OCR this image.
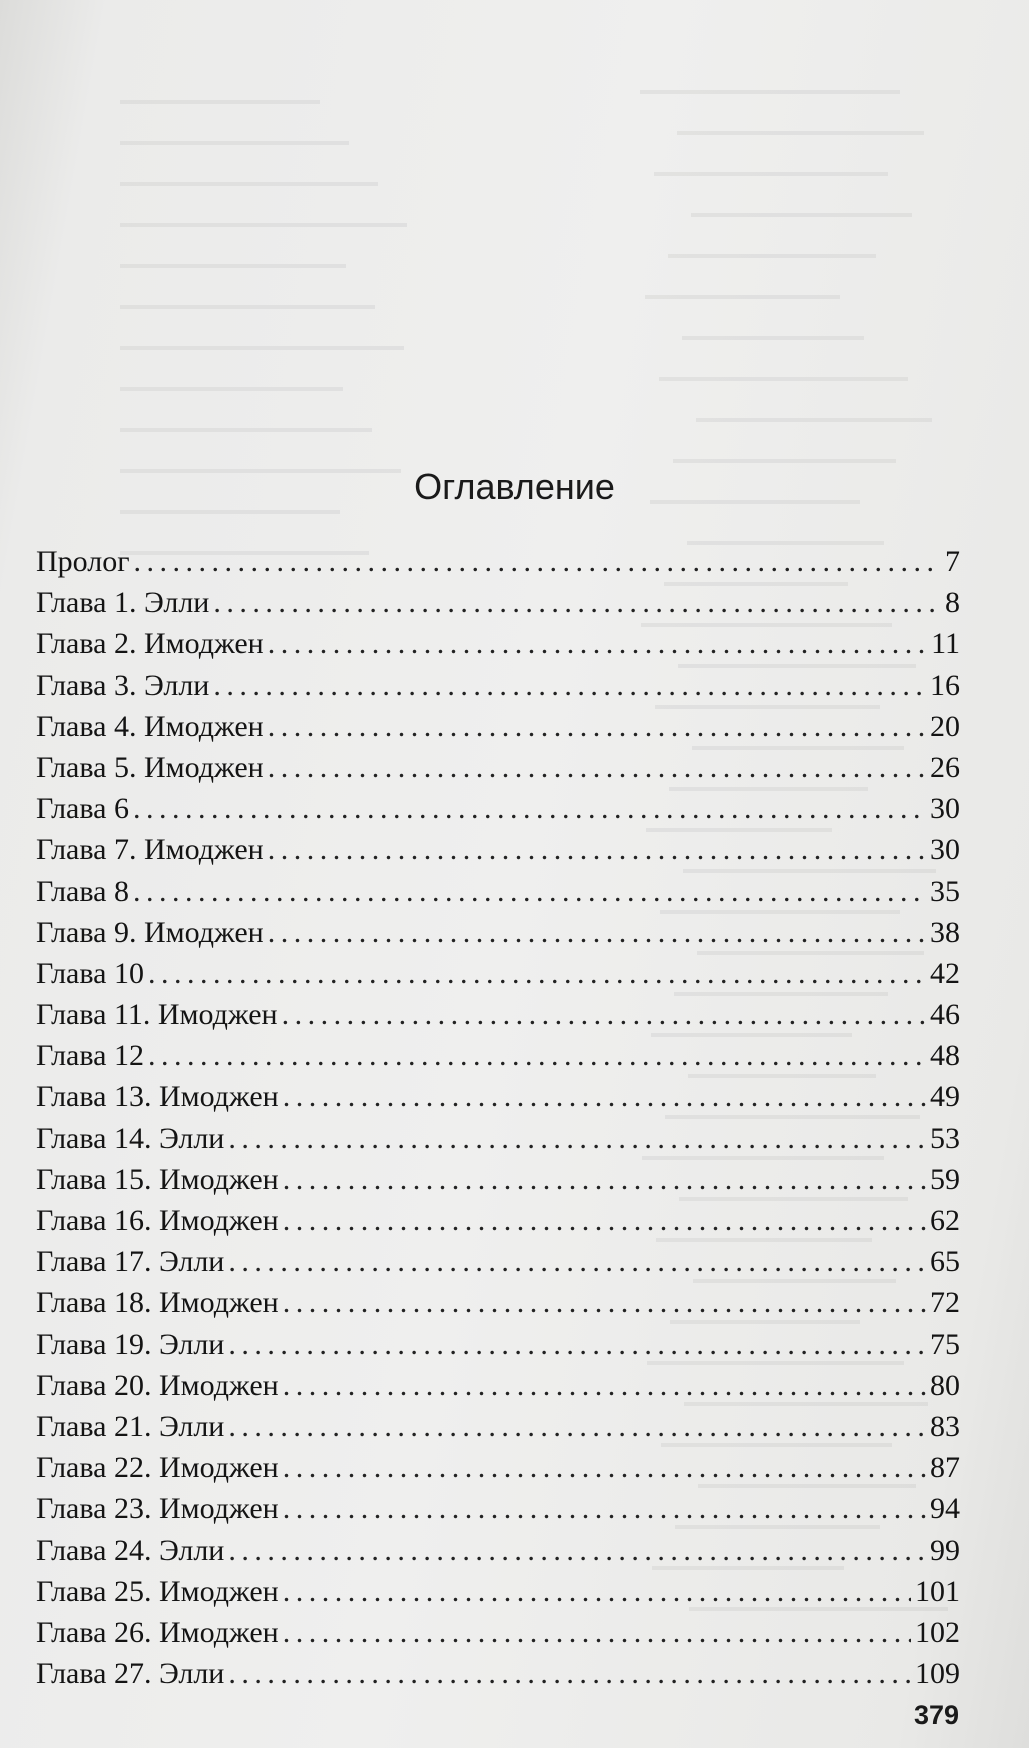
Оглавление
Пролог . . .	7
Глава 1. Элли . . .	8
Глава 2. Имоджен . . .	11
Глава 3. Элли . . .	16
Глава 4. Имоджен . . .	20
Глава 5. Имоджен . . .	26
Глава 6 . . .	30
Глава 7. Имоджен . . .	30
Глава 8 . . .	35
Глава 9. Имоджен . . .	38
Глава 10 . . .	42
Глава 11. Имоджен . . .	46
Глава 12 . . .	48
Глава 13. Имоджен . . .	49
Глава 14. Элли . . .	53
Глава 15. Имоджен . . .	59
Глава 16. Имоджен . . .	62
Глава 17. Элли . . .	65
Глава 18. Имоджен . . .	72
Глава 19. Элли . . .	75
Глава 20. Имоджен . . .	80
Глава 21. Элли . . .	83
Глава 22. Имоджен . . .	87
Глава 23. Имоджен . . .	94
Глава 24. Элли . . .	99
Глава 25. Имоджен . . .	101
Глава 26. Имоджен . . .	102
Глава 27. Элли . . .	109
379
